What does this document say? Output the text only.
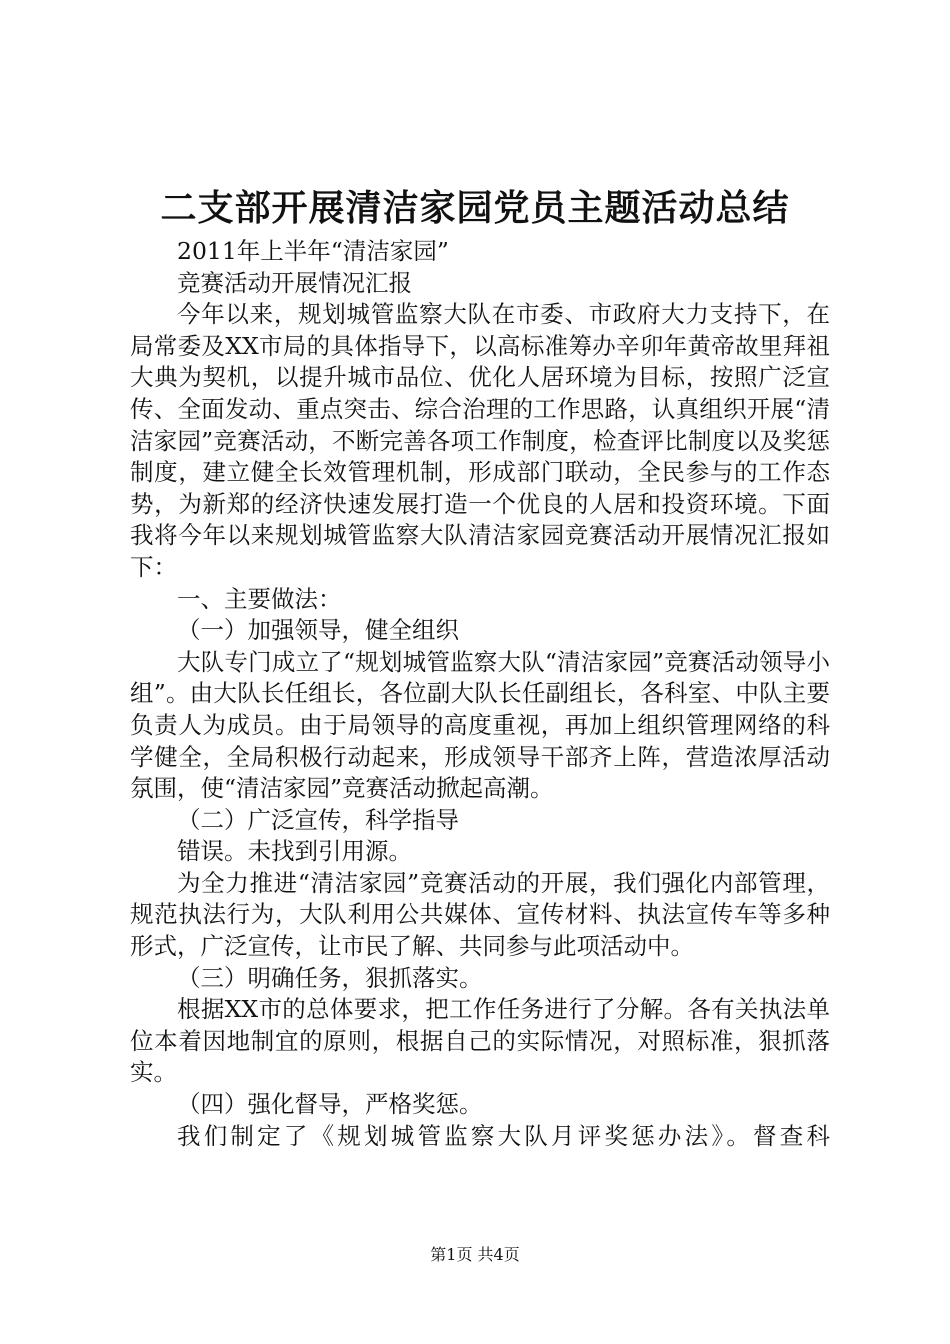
二支部开展清洁家园党员主题活动总结

2011年上半年“清洁家园”

竞赛活动开展情况汇报

今年以来，规划城管监察大队在市委、市政府大力支持下，在局常委及XX市局的具体指导下，以高标准筹办辛卯年黄帝故里拜祖大典为契机，以提升城市品位、优化人居环境为目标，按照广泛宣传、全面发动、重点突击、综合治理的工作思路，认真组织开展“清洁家园”竞赛活动，不断完善各项工作制度，检查评比制度以及奖惩制度，建立健全长效管理机制，形成部门联动，全民参与的工作态势，为新郑的经济快速发展打造一个优良的人居和投资环境。下面我将今年以来规划城管监察大队清洁家园竞赛活动开展情况汇报如下：

一、主要做法：

（一）加强领导，健全组织

大队专门成立了“规划城管监察大队“清洁家园”竞赛活动领导小组”。由大队长任组长，各位副大队长任副组长，各科室、中队主要负责人为成员。由于局领导的高度重视，再加上组织管理网络的科学健全，全局积极行动起来，形成领导干部齐上阵，营造浓厚活动氛围，使“清洁家园”竞赛活动掀起高潮。

（二）广泛宣传，科学指导

错误。未找到引用源。

为全力推进“清洁家园”竞赛活动的开展，我们强化内部管理，规范执法行为，大队利用公共媒体、宣传材料、执法宣传车等多种形式，广泛宣传，让市民了解、共同参与此项活动中。

（三）明确任务，狠抓落实。

根据XX市的总体要求，把工作任务进行了分解。各有关执法单位本着因地制宜的原则，根据自己的实际情况，对照标准，狠抓落实。

（四）强化督导，严格奖惩。

我们制定了《规划城管监察大队月评奖惩办法》。督查科

第1页 共4页
